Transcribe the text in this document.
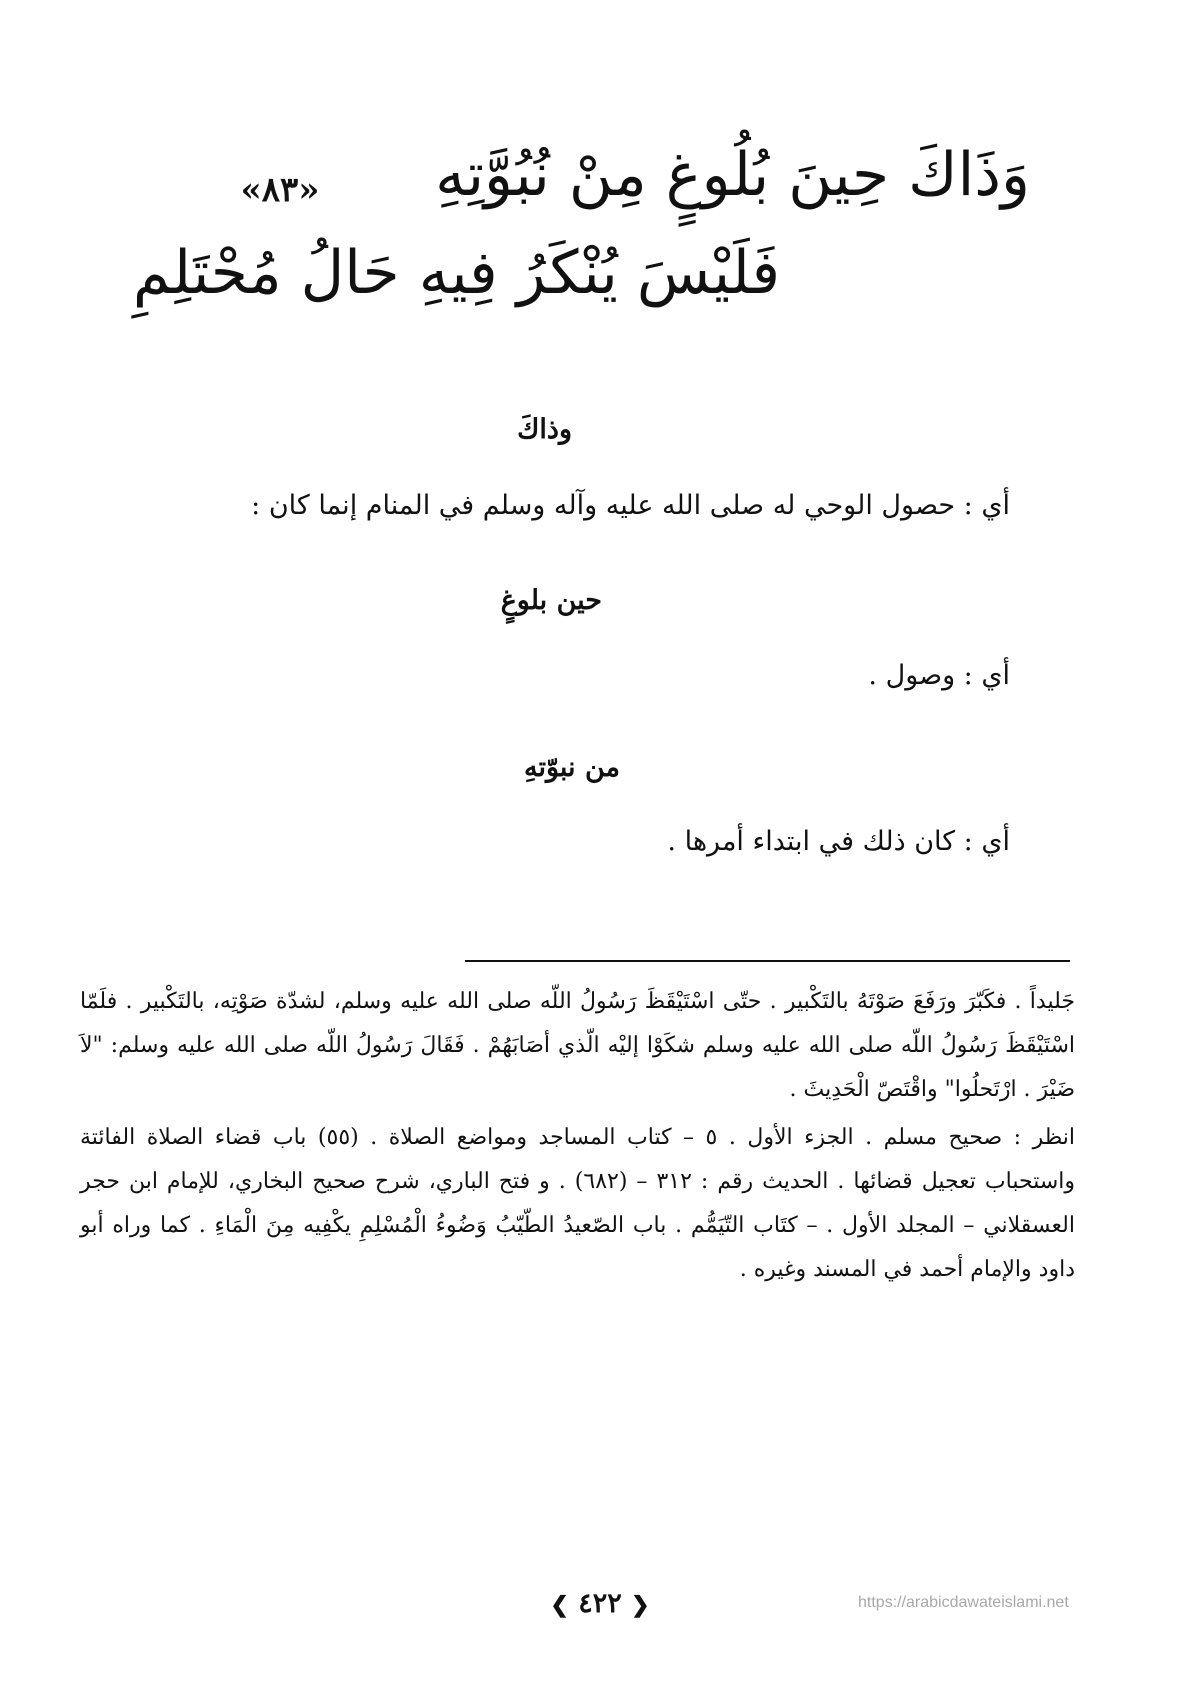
«٨٣»	وَذَاكَ حِينَ بُلُوغٍ مِنْ نُبُوَّتِهِ
فَلَيْسَ يُنْكَرُ فِيهِ حَالُ مُحْتَلِمِ
وذاكَ
أي : حصول الوحي له صلى الله عليه وآله وسلم في المنام إنما كان :
حين بلوغٍ
أي : وصول .
من نبوّتهِ
أي : كان ذلك في ابتداء أمرها .

جَليداً . فكَبّرَ ورَفَعَ صَوْتَهُ بالتَكْبير . حتّى اسْتَيْقَظَ رَسُولُ اللّه صلى الله عليه وسلم، لشدّة صَوْتِه، بالتَكْبير . فلَمّا اسْتَيْقَظَ رَسُولُ اللّه صلى الله عليه وسلم شكَوْا إليْه الّذي أصَابَهُمْ . فَقَالَ رَسُولُ اللّه صلى الله عليه وسلم: "لاَ ضَيْرَ . ارْتَحلُوا" واقْتَصّ الْحَدِيثَ .

انظر : صحيح مسلم . الجزء الأول . ٥ – كتاب المساجد ومواضع الصلاة . (٥٥) باب قضاء الصلاة الفائتة واستحباب تعجيل قضائها . الحديث رقم : ٣١٢ – (٦٨٢) . و فتح الباري، شرح صحيح البخاري، للإمام ابن حجر العسقلاني – المجلد الأول . – كتَاب التّيَمُّم . باب الصّعيدُ الطّيّبُ وَضُوءُ الْمُسْلِمِ يكْفِيه مِنَ الْمَاءِ . كما وراه أبو داود والإمام أحمد في المسند وغيره .

❮ ٤٢٢ ❯	https://arabicdawateislami.net
